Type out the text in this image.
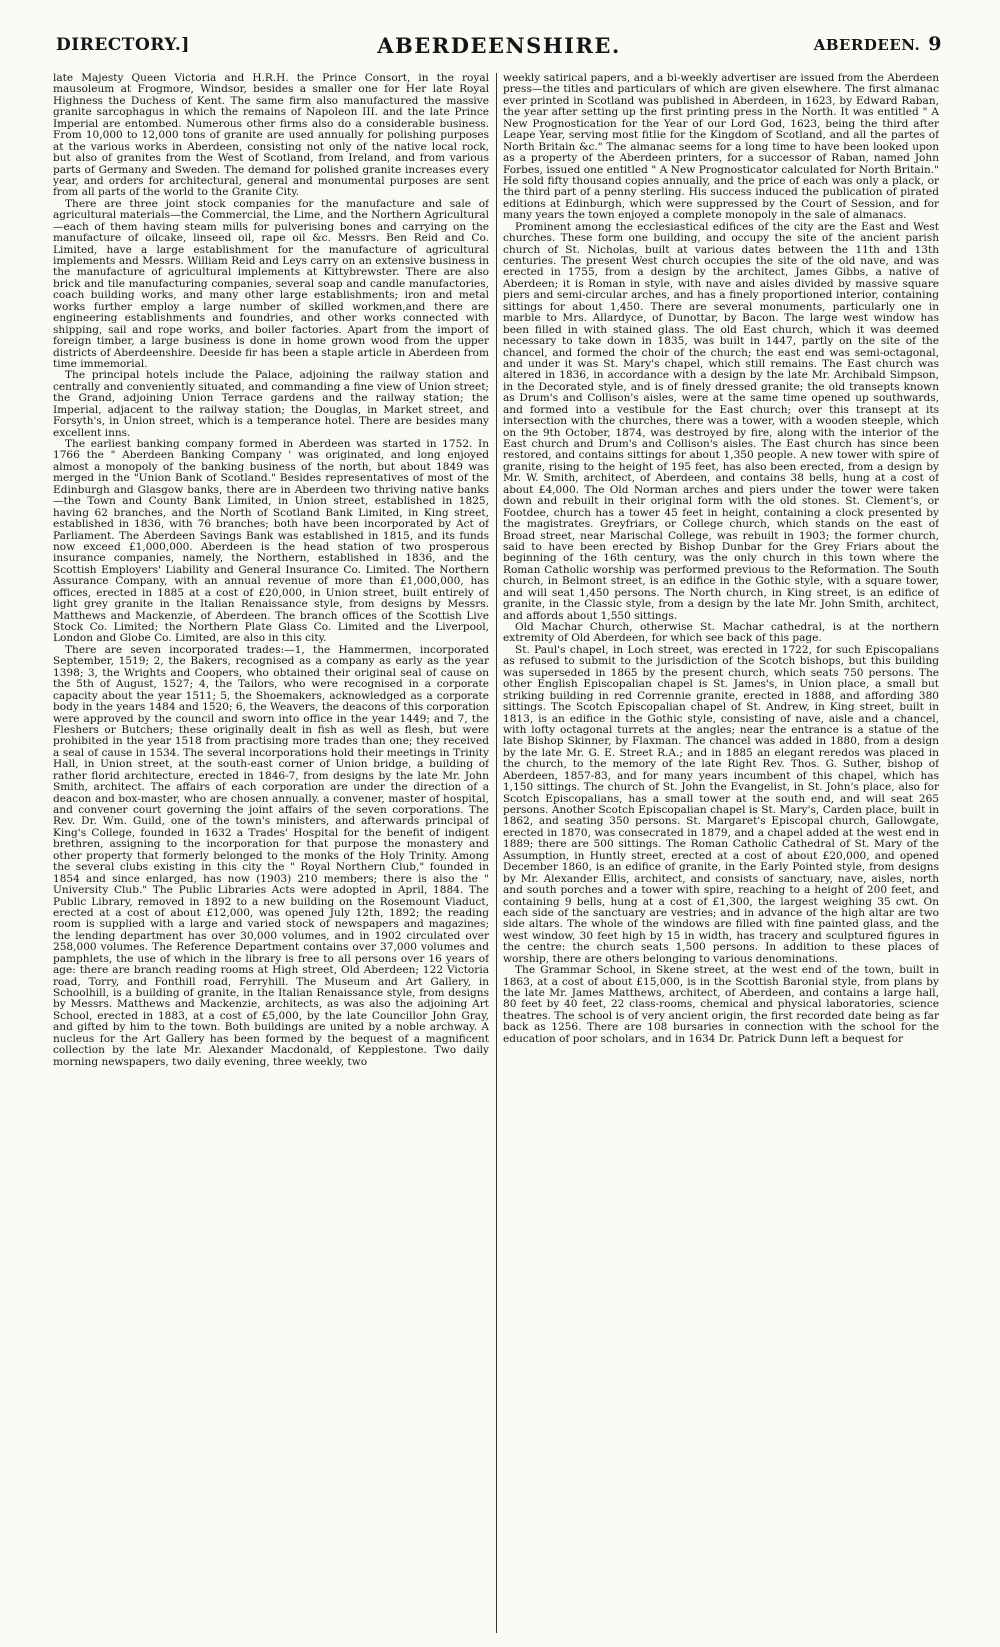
DIRECTORY.]	ABERDEENSHIRE.	ABERDEEN. 9

late Majesty Queen Victoria and H.R.H. the Prince Consort, in the royal mausoleum at Frogmore, Windsor, besides a smaller one for Her late Royal Highness the Duchess of Kent. The same firm also manufactured the massive granite sarcophagus in which the remains of Napoleon III. and the late Prince Imperial are entombed. Numerous other firms also do a considerable business. From 10,000 to 12,000 tons of granite are used annually for polishing purposes at the various works in Aberdeen, consisting not only of the native local rock, but also of granites from the West of Scotland, from Ireland, and from various parts of Germany and Sweden. The demand for polished granite increases every year, and orders for architectural, general and monumental purposes are sent from all parts of the world to the Granite City.

There are three joint stock companies for the manufacture and sale of agricultural materials—the Commercial, the Lime, and the Northern Agricultural—each of them having steam mills for pulverising bones and carrying on the manufacture of oilcake, linseed oil, rape oil &c. Messrs. Ben Reid and Co. Limited, have a large establishment for the manufacture of agricultural implements and Messrs. William Reid and Leys carry on an extensive business in the manufacture of agricultural implements at Kittybrewster. There are also brick and tile manufacturing companies, several soap and candle manufactories, coach building works, and many other large establishments; iron and metal works further employ a large number of skilled workmen,and there are engineering establishments and foundries, and other works connected with shipping, sail and rope works, and boiler factories. Apart from the import of foreign timber, a large business is done in home grown wood from the upper districts of Aberdeenshire. Deeside fir has been a staple article in Aberdeen from time immemorial.

The principal hotels include the Palace, adjoining the railway station and centrally and conveniently situated, and commanding a fine view of Union street; the Grand, adjoining Union Terrace gardens and the railway station; the Imperial, adjacent to the railway station; the Douglas, in Market street, and Forsyth's, in Union street, which is a temperance hotel. There are besides many excellent inns.

The earliest banking company formed in Aberdeen was started in 1752. In 1766 the " Aberdeen Banking Company ' was originated, and long enjoyed almost a monopoly of the banking business of the north, but about 1849 was merged in the "Union Bank of Scotland." Besides representatives of most of the Edinburgh and Glasgow banks, there are in Aberdeen two thriving native banks—the Town and County Bank Limited, in Union street, established in 1825, having 62 branches, and the North of Scotland Bank Limited, in King street, established in 1836, with 76 branches; both have been incorporated by Act of Parliament. The Aberdeen Savings Bank was established in 1815, and its funds now exceed £1,000,000. Aberdeen is the head station of two prosperous insurance companies, namely, the Northern, established in 1836, and the Scottish Employers' Liability and General Insurance Co. Limited. The Northern Assurance Company, with an annual revenue of more than £1,000,000, has offices, erected in 1885 at a cost of £20,000, in Union street, built entirely of light grey granite in the Italian Renaissance style, from designs by Messrs. Matthews and Mackenzie, of Aberdeen. The branch offices of the Scottish Live Stock Co. Limited; the Northern Plate Glass Co. Limited and the Liverpool, London and Globe Co. Limited, are also in this city.

There are seven incorporated trades:—1, the Hammermen, incorporated September, 1519; 2, the Bakers, recognised as a company as early as the year 1398; 3, the Wrights and Coopers, who obtained their original seal of cause on the 5th of August, 1527; 4, the Tailors, who were recognised in a corporate capacity about the year 1511; 5, the Shoemakers, acknowledged as a corporate body in the years 1484 and 1520; 6, the Weavers, the deacons of this corporation were approved by the council and sworn into office in the year 1449; and 7, the Fleshers or Butchers; these originally dealt in fish as well as flesh, but were prohibited in the year 1518 from practising more trades than one; they received a seal of cause in 1534. The several incorporations hold their meetings in Trinity Hall, in Union street, at the south-east corner of Union bridge, a building of rather florid architecture, erected in 1846-7, from designs by the late Mr. John Smith, architect. The affairs of each corporation are under the direction of a deacon and box-master, who are chosen annually. a convener, master of hospital, and convener court governing the joint affairs of the seven corporations. The Rev. Dr. Wm. Guild, one of the town's ministers, and afterwards principal of King's College, founded in 1632 a Trades' Hospital for the benefit of indigent brethren, assigning to the incorporation for that purpose the monastery and other property that formerly belonged to the monks of the Holy Trinity. Among the several clubs existing in this city the " Royal Northern Club," founded in 1854 and since enlarged, has now (1903) 210 members; there is also the " University Club." The Public Libraries Acts were adopted in April, 1884. The Public Library, removed in 1892 to a new building on the Rosemount Viaduct, erected at a cost of about £12,000, was opened July 12th, 1892; the reading room is supplied with a large and varied stock of newspapers and magazines; the lending department has over 30,000 volumes, and in 1902 circulated over 258,000 volumes. The Reference Department contains over 37,000 volumes and pamphlets, the use of which in the library is free to all persons over 16 years of age: there are branch reading rooms at High street, Old Aberdeen; 122 Victoria road, Torry, and Fonthill road, Ferryhill. The Museum and Art Gallery, in Schoolhill, is a building of granite, in the Italian Renaissance style, from designs by Messrs. Matthews and Mackenzie, architects, as was also the adjoining Art School, erected in 1883, at a cost of £5,000, by the late Councillor John Gray, and gifted by him to the town. Both buildings are united by a noble archway. A nucleus for the Art Gallery has been formed by the bequest of a magnificent collection by the late Mr. Alexander Macdonald, of Kepplestone. Two daily morning newspapers, two daily evening, three weekly, two

weekly satirical papers, and a bi-weekly advertiser are issued from the Aberdeen press—the titles and particulars of which are given elsewhere. The first almanac ever printed in Scotland was published in Aberdeen, in 1623, by Edward Raban, the year after setting up the first printing press in the North. It was entitled " A New Prognostication for the Year of our Lord God, 1623, being the third after Leape Year, serving most fitlie for the Kingdom of Scotland, and all the partes of North Britain &c." The almanac seems for a long time to have been looked upon as a property of the Aberdeen printers, for a successor of Raban, named John Forbes, issued one entitled " A New Prognosticator calculated for North Britain." He sold fifty thousand copies annually, and the price of each was only a plack, or the third part of a penny sterling. His success induced the publication of pirated editions at Edinburgh, which were suppressed by the Court of Session, and for many years the town enjoyed a complete monopoly in the sale of almanacs.

Prominent among the ecclesiastical edifices of the city are the East and West churches. These form one building, and occupy the site of the ancient parish church of St. Nicholas, built at various dates between the 11th and 13th centuries. The present West church occupies the site of the old nave, and was erected in 1755, from a design by the architect, James Gibbs, a native of Aberdeen; it is Roman in style, with nave and aisles divided by massive square piers and semi-circular arches, and has a finely proportioned interior, containing sittings for about 1,450. There are several monuments, particularly one in marble to Mrs. Allardyce, of Dunottar, by Bacon. The large west window has been filled in with stained glass. The old East church, which it was deemed necessary to take down in 1835, was built in 1447, partly on the site of the chancel, and formed the choir of the church; the east end was semi-octagonal, and under it was St. Mary's chapel, which still remains. The East church was altered in 1836, in accordance with a design by the late Mr. Archibald Simpson, in the Decorated style, and is of finely dressed granite; the old transepts known as Drum's and Collison's aisles, were at the same time opened up southwards, and formed into a vestibule for the East church; over this transept at its intersection with the churches, there was a tower, with a wooden steeple, which on the 9th October, 1874, was destroyed by fire, along with the interior of the East church and Drum's and Collison's aisles. The East church has since been restored, and contains sittings for about 1,350 people. A new tower with spire of granite, rising to the height of 195 feet, has also been erected, from a design by Mr. W. Smith, architect, of Aberdeen, and contains 38 bells, hung at a cost of about £4,000. The Old Norman arches and piers under the tower were taken down and rebuilt in their original form with the old stones. St. Clement's, or Footdee, church has a tower 45 feet in height, containing a clock presented by the magistrates. Greyfriars, or College church, which stands on the east of Broad street, near Marischal College, was rebuilt in 1903; the former church, said to have been erected by Bishop Dunbar for the Grey Friars about the beginning of the 16th century, was the only church in this town where the Roman Catholic worship was performed previous to the Reformation. The South church, in Belmont street, is an edifice in the Gothic style, with a square tower, and will seat 1,450 persons. The North church, in King street, is an edifice of granite, in the Classic style, from a design by the late Mr. John Smith, architect, and affords about 1,550 sittings.

Old Machar Church, otherwise St. Machar cathedral, is at the northern extremity of Old Aberdeen, for which see back of this page.

St. Paul's chapel, in Loch street, was erected in 1722, for such Episcopalians as refused to submit to the jurisdiction of the Scotch bishops, but this building was superseded in 1865 by the present church, which seats 750 persons. The other English Episcopalian chapel is St. James's, in Union place, a small but striking building in red Corrennie granite, erected in 1888, and affording 380 sittings. The Scotch Episcopalian chapel of St. Andrew, in King street, built in 1813, is an edifice in the Gothic style, consisting of nave, aisle and a chancel, with lofty octagonal turrets at the angles; near the entrance is a statue of the late Bishop Skinner, by Flaxman. The chancel was added in 1880, from a design by the late Mr. G. E. Street R.A.; and in 1885 an elegant reredos was placed in the church, to the memory of the late Right Rev. Thos. G. Suther, bishop of Aberdeen, 1857-83, and for many years incumbent of this chapel, which has 1,150 sittings. The church of St. John the Evangelist, in St. John's place, also for Scotch Episcopalians, has a small tower at the south end, and will seat 265 persons. Another Scotch Episcopalian chapel is St. Mary's, Carden place, built in 1862, and seating 350 persons. St. Margaret's Episcopal church, Gallowgate, erected in 1870, was consecrated in 1879, and a chapel added at the west end in 1889; there are 500 sittings. The Roman Catholic Cathedral of St. Mary of the Assumption, in Huntly street, erected at a cost of about £20,000, and opened December 1860, is an edifice of granite, in the Early Pointed style, from designs by Mr. Alexander Ellis, architect, and consists of sanctuary, nave, aisles, north and south porches and a tower with spire, reaching to a height of 200 feet, and containing 9 bells, hung at a cost of £1,300, the largest weighing 35 cwt. On each side of the sanctuary are vestries; and in advance of the high altar are two side altars. The whole of the windows are filled with fine painted glass, and the west window, 30 feet high by 15 in width, has tracery and sculptured figures in the centre: the church seats 1,500 persons. In addition to these places of worship, there are others belonging to various denominations.

The Grammar School, in Skene street, at the west end of the town, built in 1863, at a cost of about £15,000, is in the Scottish Baronial style, from plans by the late Mr. James Matthews, architect, of Aberdeen, and contains a large hall, 80 feet by 40 feet, 22 class-rooms, chemical and physical laboratories, science theatres. The school is of very ancient origin, the first recorded date being as far back as 1256. There are 108 bursaries in connection with the school for the education of poor scholars, and in 1634 Dr. Patrick Dunn left a bequest for
